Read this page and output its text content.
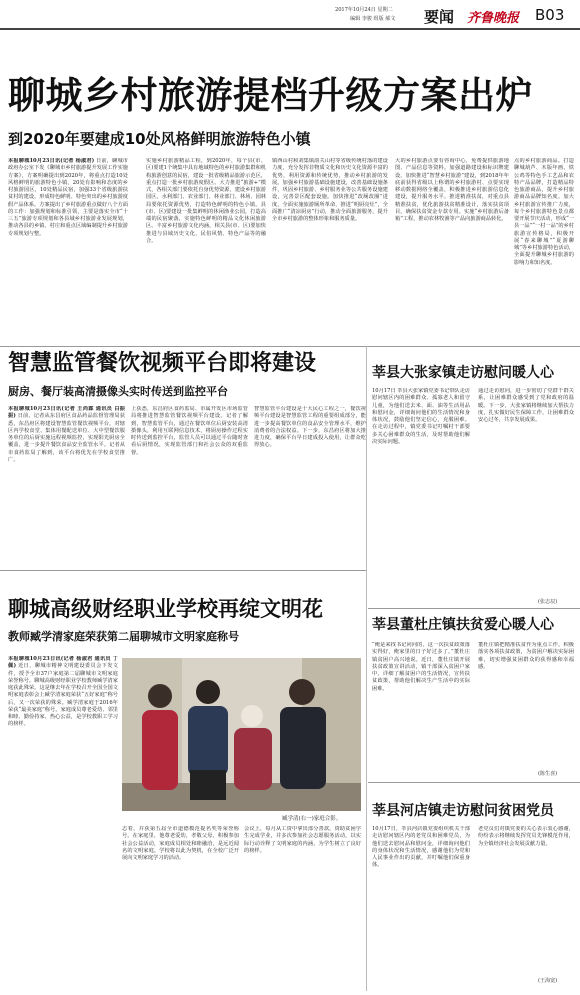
2017年10月24日 星期二
编辑 李骏 组版 郝文 要闻 齐鲁晚报 B03
聊城乡村旅游提档升级方案出炉
到2020年要建成10处风格鲜明旅游特色小镇
本报聊城10月23日讯(记者 杨淑君) 日前，聊城市政府办公室下发《聊城市乡村旅游提升发展工作实施方案》，方案明确提出到2020年，将重点打造10处风格鲜明的旅游特色小镇，20处有影响和态度的乡村旅游园区，10处精品民宿，加强33个省级旅游扶贫村的建设，形成特色鲜明、特色突出的乡村旅游度假产品体系。方案提出了乡村旅游重点做好八个方面的工作：加强规划和标准引领，主要是落实全市“十三五”旅游专项规划和各县域乡村旅游业发展规划，推动各县的乡镇、村庄和重点区域编制提升乡村旅游专项规划与整。
实施乡村旅游精品工程，到2020年，每个县(市、区)要建1个统集中具有地域特色的乡村旅游集群和机构旅游创意的民宿，建设一批省级精品旅游示范区，重点打造一批乡村旅游度假区。大力推进“旅游+”模式，各相关部门要依托自身优势资源，建设乡村旅游园区，水利部门、农业部门、林业部门、林场、园林局要依托资源优势，打造特色鲜明的特色小镇。县(市、区)要建设一批集鲜明的休闲渔业公园，打造高端的民宿聚落，实施特色鲜明的精品文化休闲旅游区。丰富乡村旅游文化内涵。相关县(市、区)要加快推进与县域历史文化、民俗风情、特色产品等的融合。
镇西山村和刘集镇韵关山村等省级传统村落的建设力度，充分发挥非物质文化和历史文化资源丰富的优势，利用资源和传统优势，推动乡村旅游的发展。加强乡村旅游基础设施建设，改善基础设施条件，巩固乡村旅游、乡村服务业等公共服务设施建设，完善景区配套设施。加快推进“改厕改圈”进度，全面实施旅游厕所革命，推进“明厨亮灶”，全面推广“清凉厨房”行动，推动全面旅游服务，提升全市乡村旅游的整体形象和服务质量。
大的乡村旅游点要有咨询中心，免费提供旅游地图、产品信息等资料。加强道路建设和标识牌建设，加快推进“智慧乡村旅游”建设，到2018年年底前获得省级以上称谓的乡村旅游村、点要实现移动数据网络全覆盖，积极推进乡村旅游信息化建设，提升服务水平。推进精准扶贫，对重点县精准扶贫，优化旅游扶贫精准设计，落实扶贫项目，确保扶贫资金专款专用。实施“乡村旅游后备箱”工程，推动农林牧渔等产品向旅游商品转化。
点的乡村旅游商品。打造聊城葫芦、木版年画、铁公鸡等特色手工艺品和农特产品品牌，打造精品特色旅游商品，提升乡村旅游商品品牌知名度。加大乡村旅游宣传推广力度，每个乡村旅游特色景点都要开展节庆活动，形成“一县一品”“一村一品”的乡村旅游宣传格局，积极开展“春来聊城”“夏游聊城”等乡村旅游特色活动，全面提升聊城乡村旅游的影响力和知名度。
智慧监管餐饮视频平台即将建设
厨房、餐厅装高清摄像头实时传送到监控平台
本报聊城10月23日讯(记者 王尚霖 通讯员 白振振) 日前，记者从东昌府区食品药品监督管理局获悉，东昌府区将建设智慧监管餐饮视频平台，对辖区内学校食堂、集体用餐配送单位、大中型餐饮服务单位的后厨实施远程视频监控，实现阳光厨房全覆盖，进一步提升餐饮食品安全监管水平。记者从市食药监局了解到，该平台将优先在学校食堂推广。
上获悉，东昌府区食药监局、市属开发区市场监管局将推进智慧监管餐饮视频平台建设。记者了解到，智慧监管平台，通过在餐饮单位后厨安装高清摄像头，利用互联网信息技术，将厨房操作过程实时传送到监控平台，监管人员可以通过平台随时查看后厨情况，实现监管部门和社会公众的双重监督。
智慧监管平台建设是十大民心工程之一，餐饮视频平台建设是智慧监管工程的重要组成部分，能进一步提高餐饮单位的食品安全管理水平，维护消费者的合法权益。下一步，东昌府区将加大推进力度，确保平台早日建成投入使用，让群众吃得放心。
聊城高级财经职业学校再绽文明花
教师臧学清家庭荣获第二届聊城市文明家庭称号
本报聊城10月23日讯(记者 杨淑君 通讯员 丁佩) 近日，聊城市精神文明建设委员会下发文件，授予全市37户家庭第二届聊城市文明家庭荣誉称号。聊城高级财经职业学校教师臧学清家庭获此殊荣。这是继去年在学校召开全国全国文明家庭表彰会上臧学清家庭荣获“五好家庭”称号后，又一次荣获的殊荣。臧学清家庭于2016年荣获“最美家庭”称号，家庭成员尊老爱幼、邻里和睦、勤俭持家、热心公益，是学校教职工学习的榜样。
臧学清(右一)家庭合影。
志着，并获第五届全市道德模范提名奖等荣誉称号。在家庭里，他尊老爱幼，孝敬父母，积极参加社会公益活动，家庭成员相处和睦融洽，是远近闻名的文明家庭。学校将以此为契机，在全校广泛开展向文明家庭学习的活动。
会议上，每月从工资中拿出部分善款，资助贫困学生完成学业，并多次参加社会志愿服务活动，以实际行动诠释了文明家庭的内涵，为学生树立了良好的榜样。
莘县大张家镇走访慰问暖人心
10月17日 莘县大张家镇党委书记带队走访慰问辖区内的困难群众、孤寡老人和留守儿童，为他们送去米、面、油等生活用品和慰问金，详细询问他们的生活情况和身体状况，鼓励他们坚定信心，克服困难。在走访过程中，镇党委书记叮嘱村干部要多关心困难群众的生活，及时帮助他们解决实际问题。
通过走访慰问，进一步密切了党群干群关系，让困难群众感受到了党和政府的温暖。下一步，大张家镇将继续加大帮扶力度，扎实做好民生保障工作，让困难群众安心过冬，共享发展成果。
(张志辰)
莘县董杜庄镇扶贫爱心暖人心
“俺是来找书记问问的，这一次扶贫政策落实得好，俺家里的日子好过多了。”董杜庄镇贫困户高兴地说。近日，董杜庄镇开展扶贫政策宣讲活动，镇干部深入贫困户家中，详细了解贫困户的生活情况，宣传扶贫政策，帮助他们解决生产生活中的实际困难。
董杜庄镇把精准扶贫作为重点工作，积极落实各项扶贫政策，为贫困户解决实际困难，切实增强贫困群众的获得感和幸福感。
(陈生喜)
莘县河店镇走访慰问贫困党员
10月17日，莘县河店镇党委组织机关干部走访慰问辖区内的老党员和困难党员，为他们送去慰问品和慰问金，详细询问他们的身体状况和生活情况，感谢他们为党和人民事业作出的贡献，并叮嘱他们保重身体。
老党员们对镇党委的关心表示衷心感谢，纷纷表示将继续发挥党员先锋模范作用，为全镇经济社会发展贡献力量。
(王海宽)
